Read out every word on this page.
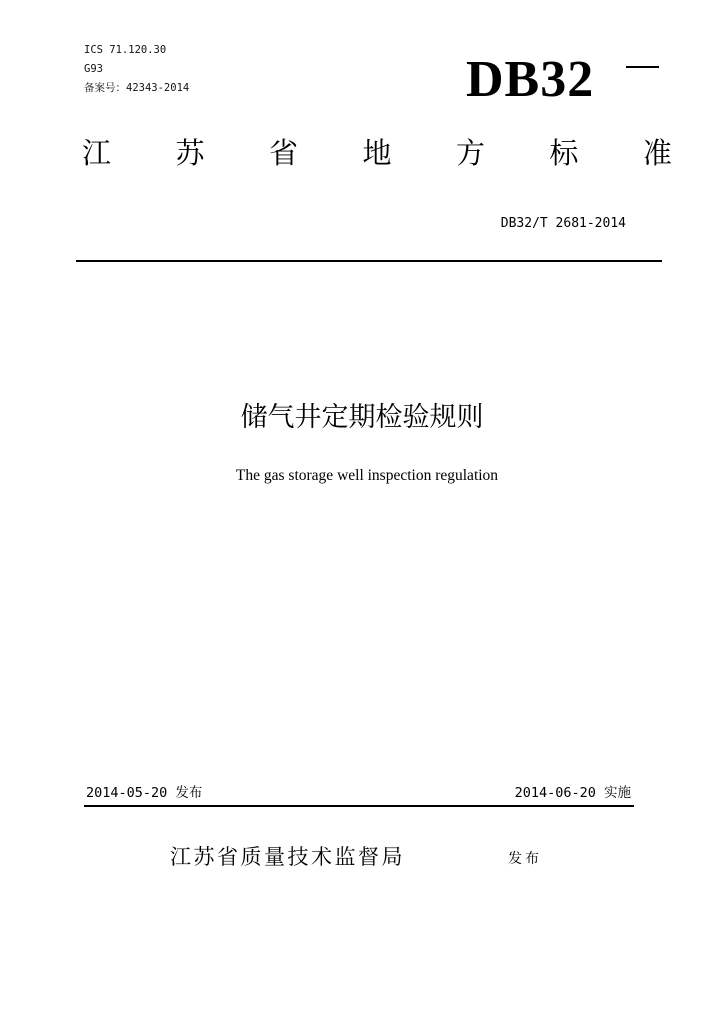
ICS 71.120.30
G93
备案号：42343-2014	DB32
江 苏 省 地 方 标 准
DB32/T 2681-2014
储气井定期检验规则
The gas storage well inspection regulation
2014-05-20 发布	2014-06-20 实施
江苏省质量技术监督局	发布
